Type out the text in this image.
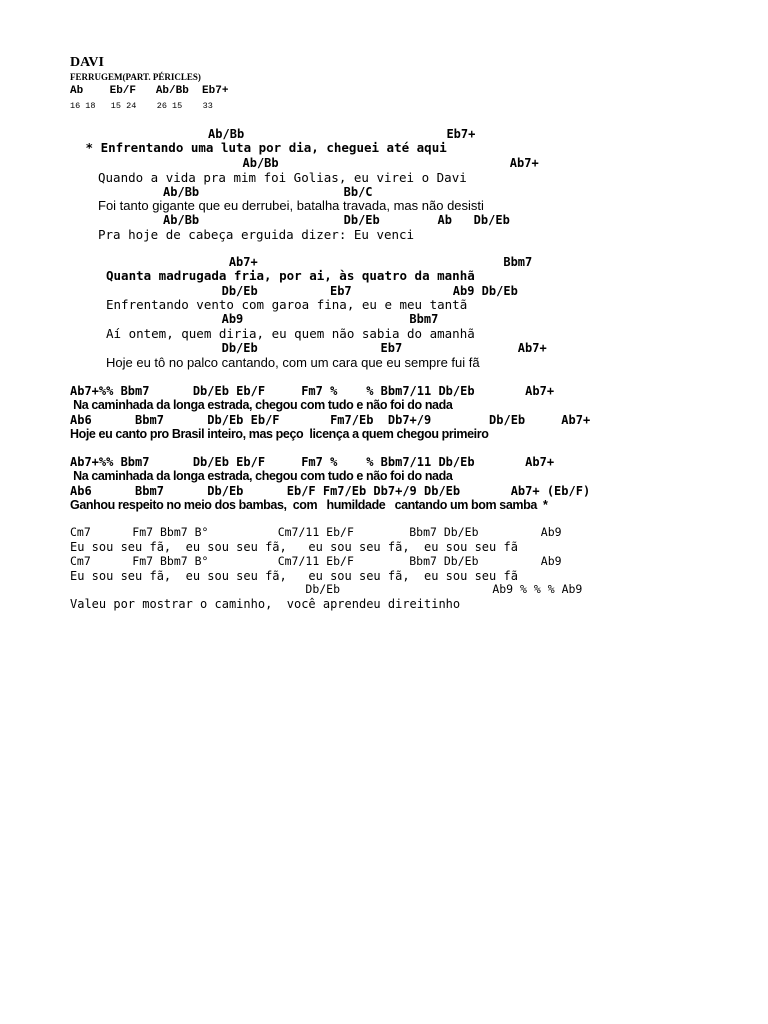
DAVI
FERRUGEM(PART. PÉRICLES)
Ab    Eb/F   Ab/Bb  Eb7+
16 18   15 24    26 15    33
Ab/Bb                            Eb7+
* Enfrentando uma luta por dia, cheguei até aqui
Ab/Bb                                Ab7+
Quando a vida pra mim foi Golias, eu virei o Davi
Ab/Bb                    Bb/C
Foi tanto gigante que eu derrubei, batalha travada, mas não desisti
Ab/Bb                    Db/Eb        Ab   Db/Eb
Pra hoje de cabeça erguida dizer: Eu venci
Ab7+                                  Bbm7
Quanta madrugada fria, por ai, às quatro da manhã
Db/Eb          Eb7              Ab9 Db/Eb
Enfrentando vento com garoa fina, eu e meu tantã
Ab9                       Bbm7
Aí ontem, quem diria, eu quem não sabia do amanhã
Db/Eb                 Eb7                Ab7+
Hoje eu tô no palco cantando, com um cara que eu sempre fui fã
Ab7+%% Bbm7      Db/Eb Eb/F     Fm7 %    % Bbm7/11 Db/Eb       Ab7+
Na caminhada da longa estrada, chegou com tudo e não foi do nada
Ab6      Bbm7      Db/Eb Eb/F       Fm7/Eb  Db7+/9        Db/Eb     Ab7+
Hoje eu canto pro Brasil inteiro, mas peço  licença a quem chegou primeiro
Ab7+%% Bbm7      Db/Eb Eb/F     Fm7 %    % Bbm7/11 Db/Eb       Ab7+
Na caminhada da longa estrada, chegou com tudo e não foi do nada
Ab6      Bbm7      Db/Eb      Eb/F Fm7/Eb Db7+/9 Db/Eb       Ab7+ (Eb/F)
Ganhou respeito no meio dos bambas,  com   humildade   cantando um bom samba  *
Cm7      Fm7 Bbm7 B°          Cm7/11 Eb/F        Bbm7 Db/Eb         Ab9
Eu sou seu fã,  eu sou seu fã,   eu sou seu fã,  eu sou seu fã
Cm7      Fm7 Bbm7 B°          Cm7/11 Eb/F        Bbm7 Db/Eb         Ab9
Eu sou seu fã,  eu sou seu fã,   eu sou seu fã,  eu sou seu fã
Db/Eb                      Ab9 % % % Ab9
Valeu por mostrar o caminho,  você aprendeu direitinho
